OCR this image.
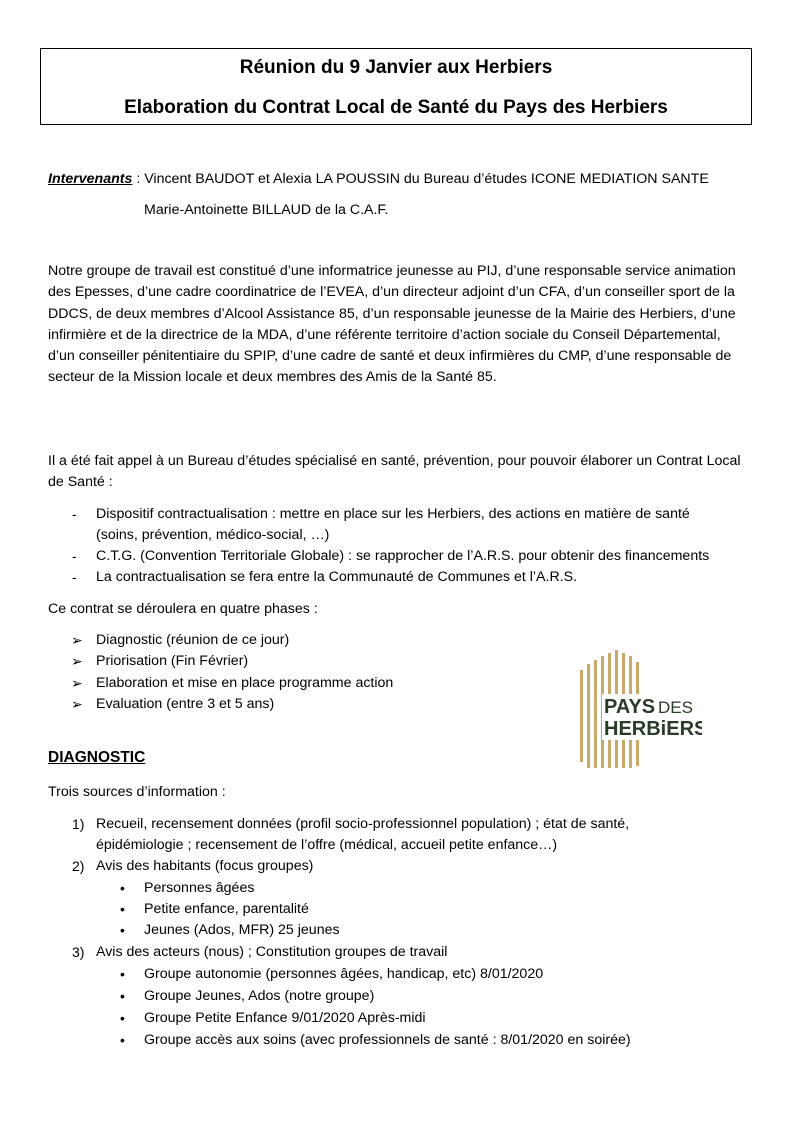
Réunion du 9 Janvier aux Herbiers
Elaboration du Contrat Local de Santé du Pays des Herbiers
Intervenants : Vincent BAUDOT et Alexia LA POUSSIN du Bureau d’études ICONE MEDIATION SANTE
Marie-Antoinette BILLAUD de la C.A.F.
Notre groupe de travail est constitué d’une informatrice jeunesse au PIJ, d’une responsable service animation des Epesses, d’une cadre coordinatrice de l’EVEA, d’un directeur adjoint d’un CFA, d’un conseiller sport de la DDCS, de deux membres d’Alcool Assistance 85, d’un responsable jeunesse de la Mairie des Herbiers, d’une infirmière et de la directrice de la MDA, d’une référente territoire d’action sociale du Conseil Départemental, d’un conseiller pénitentiaire du SPIP, d’une cadre de santé et deux infirmières du CMP, d’une responsable de secteur de la Mission locale et deux membres des Amis de la Santé 85.
Il a été fait appel à un Bureau d’études spécialisé en santé, prévention, pour pouvoir élaborer un Contrat Local de Santé :
- Dispositif contractualisation : mettre en place sur les Herbiers, des actions en matière de santé
(soins, prévention, médico-social, …)
- C.T.G. (Convention Territoriale Globale) : se rapprocher de l’A.R.S. pour obtenir des financements
- La contractualisation se fera entre la Communauté de Communes et l’A.R.S.
Ce contrat se déroulera en quatre phases :
➢ Diagnostic (réunion de ce jour)
➢ Priorisation (Fin Février)
➢ Elaboration et mise en place programme action
➢ Evaluation (entre 3 et 5 ans)	PAYS DES
HERBiERS
DIAGNOSTIC
Trois sources d’information :
1) Recueil, recensement données (profil socio-professionnel population) ; état de santé,
épidémiologie ; recensement de l’offre (médical, accueil petite enfance…)
2) Avis des habitants (focus groupes)
• Personnes âgées
• Petite enfance, parentalité
• Jeunes (Ados, MFR) 25 jeunes
3) Avis des acteurs (nous) ; Constitution groupes de travail
• Groupe autonomie (personnes âgées, handicap, etc) 8/01/2020
• Groupe Jeunes, Ados (notre groupe)
• Groupe Petite Enfance 9/01/2020 Après-midi
• Groupe accès aux soins (avec professionnels de santé : 8/01/2020 en soirée)
